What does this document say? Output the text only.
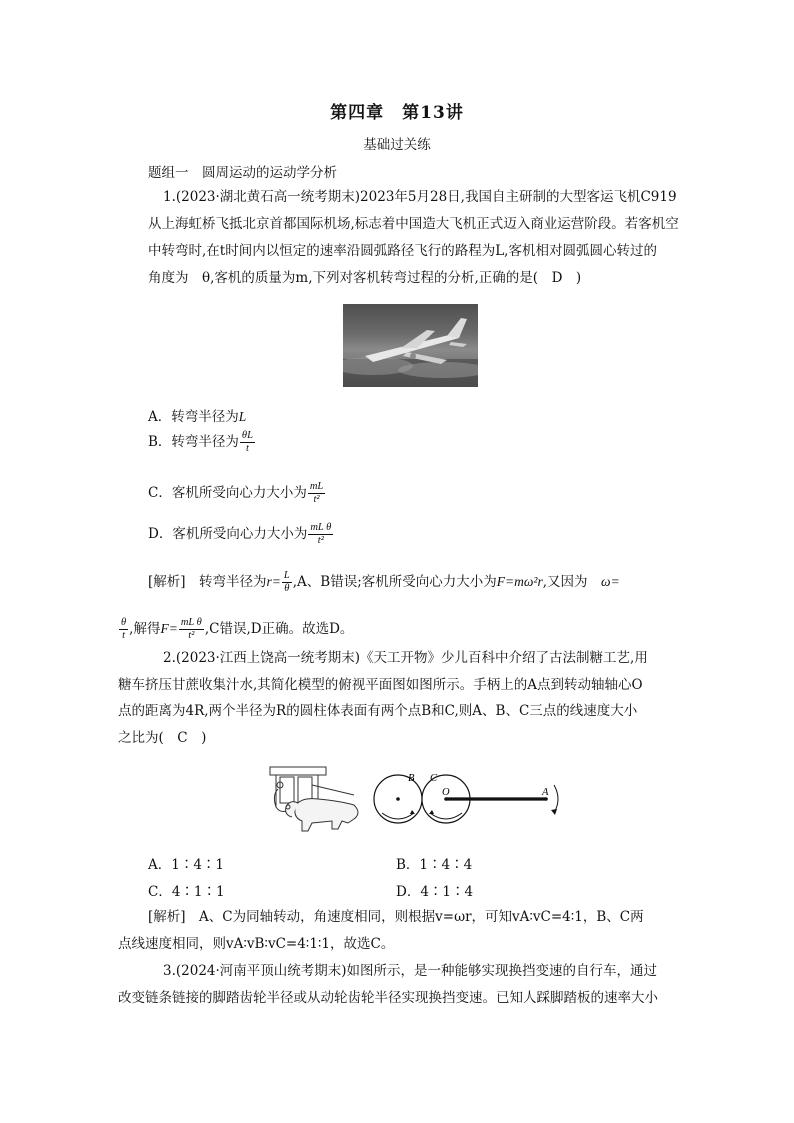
第四章　第13讲
基础过关练
题组一　圆周运动的运动学分析
1.(2023·湖北黄石高一统考期末)2023年5月28日,我国自主研制的大型客运飞机C919
从上海虹桥飞抵北京首都国际机场,标志着中国造大飞机正式迈入商业运营阶段。若客机空
中转弯时,在t时间内以恒定的速率沿圆弧路径飞行的路程为L,客机相对圆弧圆心转过的
角度为　θ,客机的质量为m,下列对客机转弯过程的分析,正确的是(　D　)
A．转弯半径为L
B．转弯半径为 $\frac{\theta L}{t}$
C．客机所受向心力大小为 $\frac{mL}{\text{t²}}$
D．客机所受向心力大小为 $\frac{\text{mL θ}}{\text{t²}}$
[解析]　转弯半径为$r= \frac{L}{\theta} ,A$、B错误;客机所受向心力大小为F=mω²r,又因为　ω=
$\frac{\theta}{t}$ ,解得$F= \frac{\text{mL θ}}{\text{t²}} ,C$错误,D正确。故选D。
2.(2023·江西上饶高一统考期末)《天工开物》少儿百科中介绍了古法制糖工艺,用
糖车挤压甘蔗收集汁水,其简化模型的俯视平面图如图所示。手柄上的A点到转动轴轴心O
点的距离为4R,两个半径为R的圆柱体表面有两个点B和C,则A、B、C三点的线速度大小
之比为(　C　)
B C
O	A
A．1∶4∶1	B．1∶4∶4
C．4∶1∶1	D．4∶1∶4
[解析]　A、C为同轴转动，角速度相同，则根据v=ωr，可知vA∶vC=4∶1，B、C两
点线速度相同，则vA∶vB∶vC=4∶1∶1，故选C。
3.(2024·河南平顶山统考期末)如图所示，是一种能够实现换挡变速的自行车，通过
改变链条链接的脚踏齿轮半径或从动轮齿轮半径实现换挡变速。已知人踩脚踏板的速率大小
